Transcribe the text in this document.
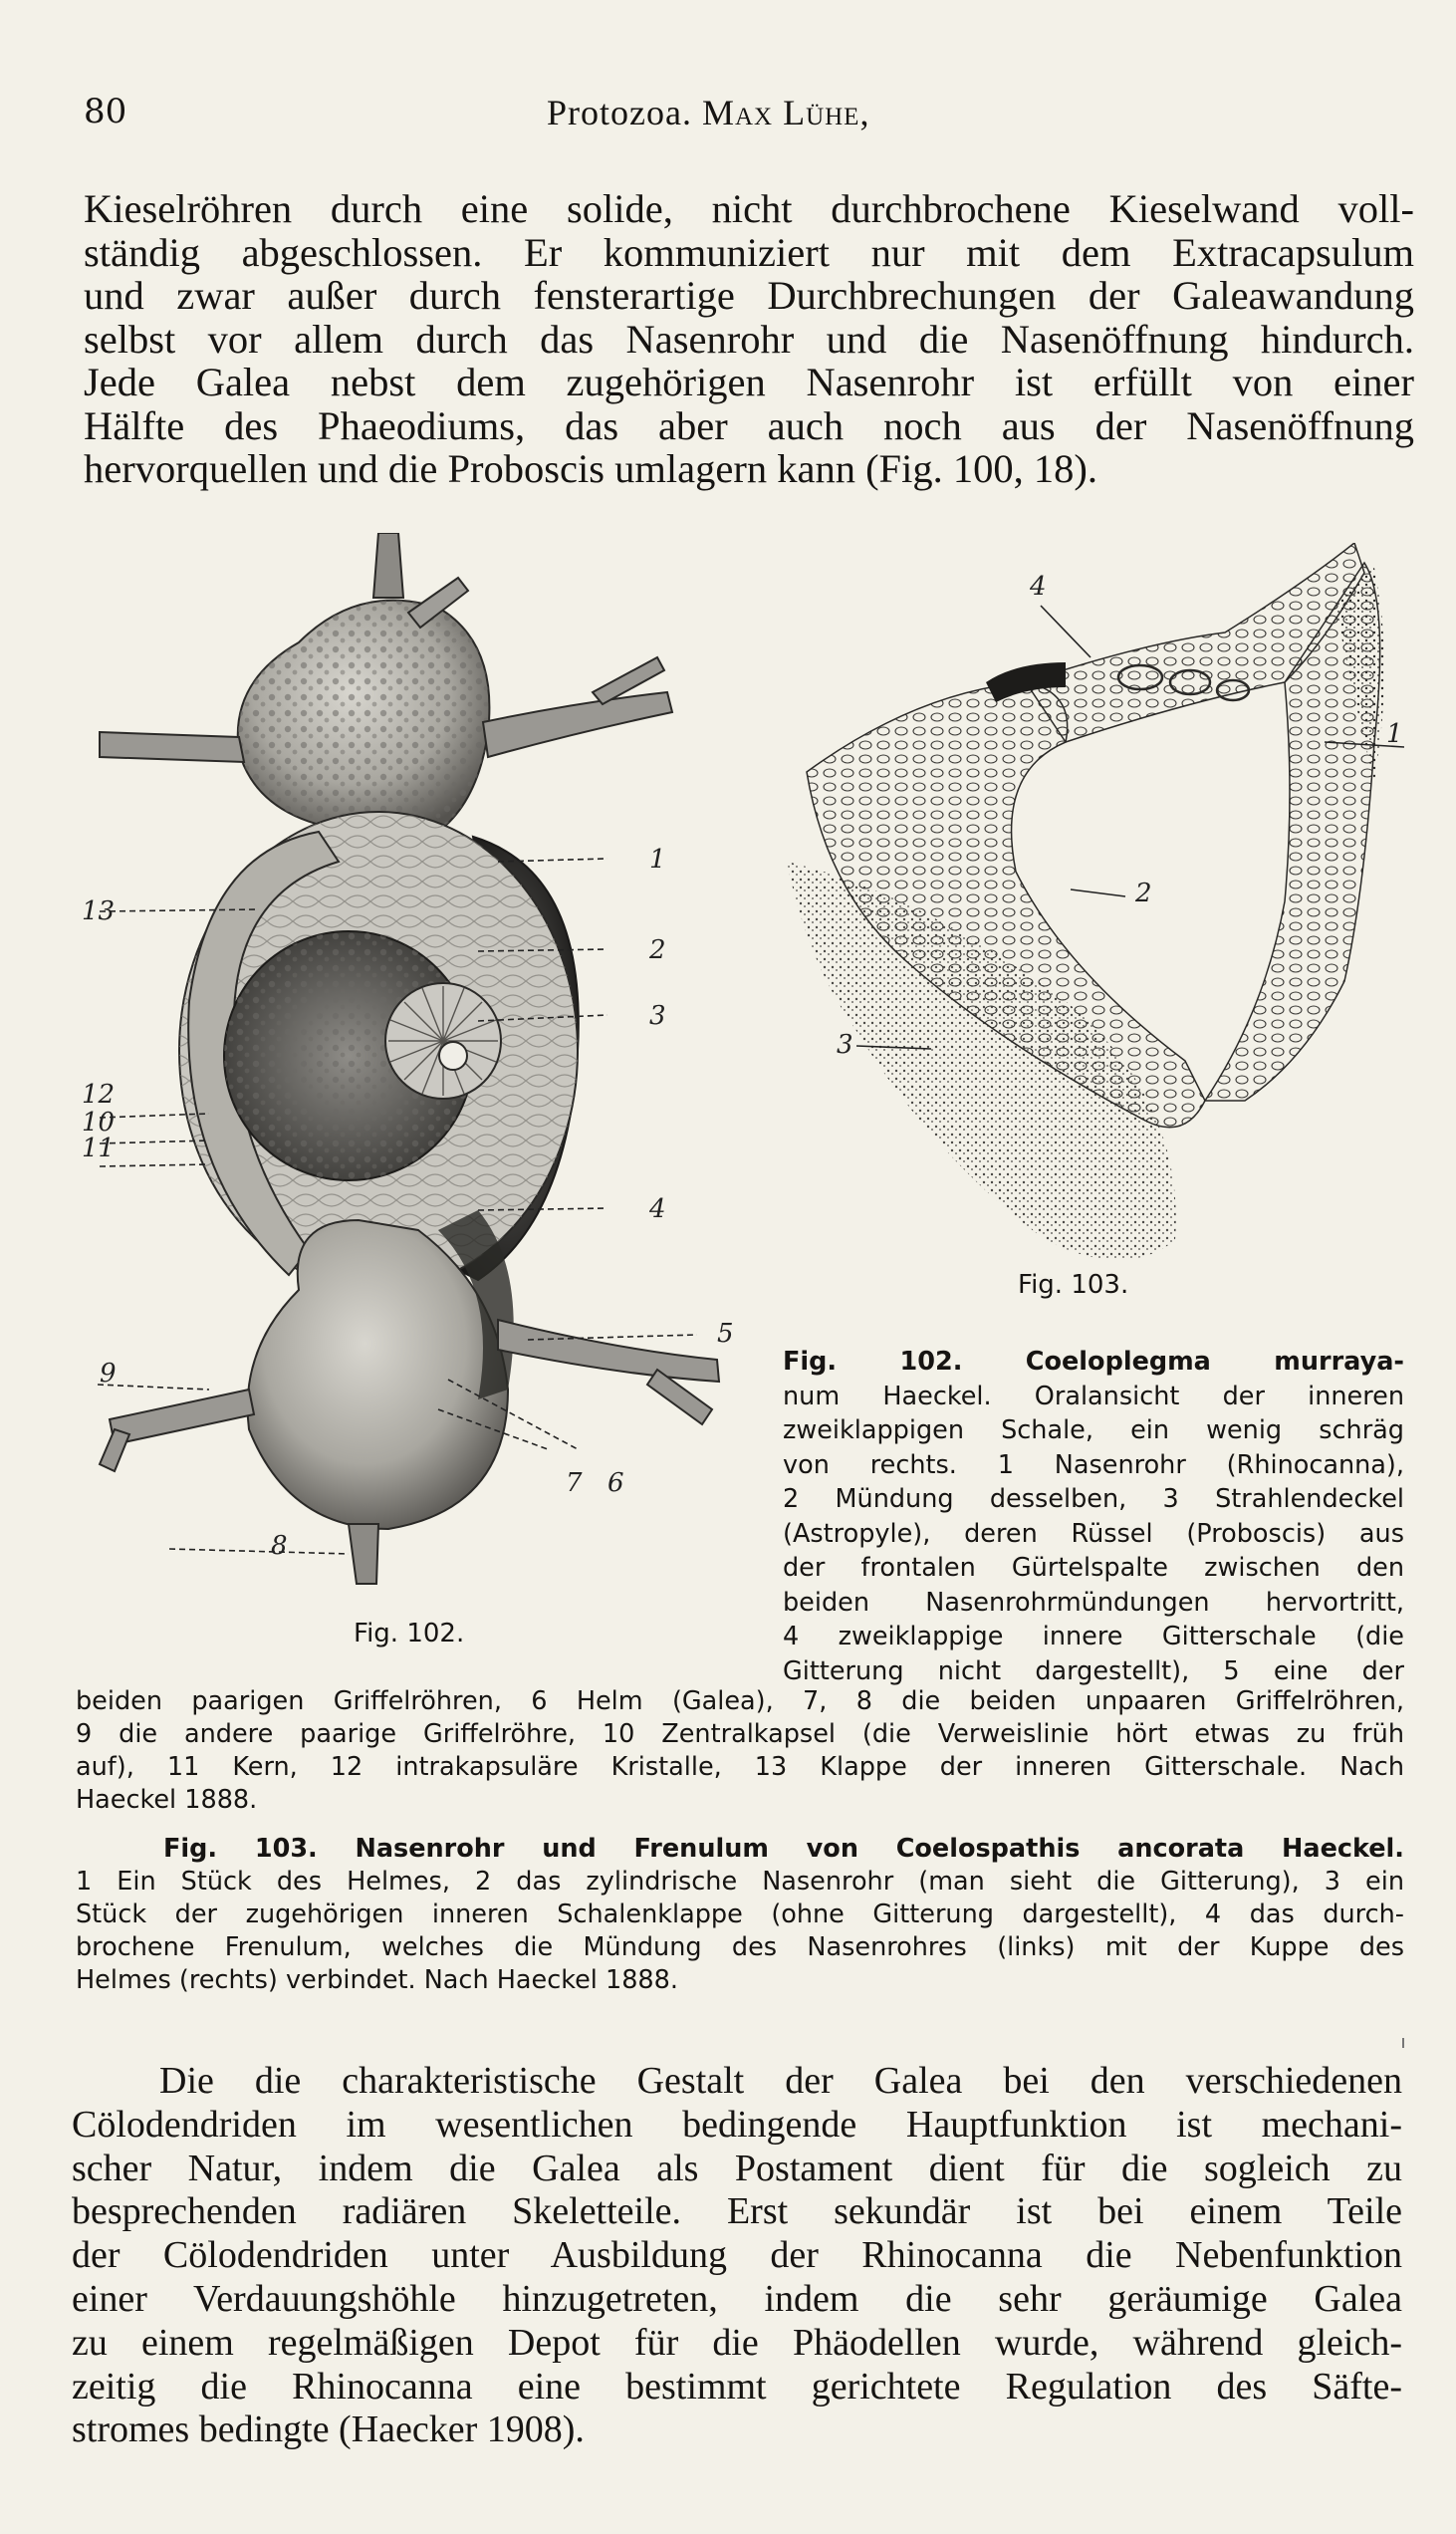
80	Protozoa. Max Lühe,
Kieselröhren durch eine solide, nicht durchbrochene Kieselwand voll-
ständig abgeschlossen. Er kommuniziert nur mit dem Extracapsulum
und zwar außer durch fensterartige Durchbrechungen der Galeawandung
selbst vor allem durch das Nasenrohr und die Nasenöffnung hindurch.
Jede Galea nebst dem zugehörigen Nasenrohr ist erfüllt von einer
Hälfte des Phaeodiums, das aber auch noch aus der Nasenöffnung
hervorquellen und die Proboscis umlagern kann (Fig. 100, 18).
1
2
3
4
5
6
7
8
9
10
11
12
13
Fig. 102.
4
1
2
3
Fig. 103.
Fig. 102. Coeloplegma murraya-
num Haeckel. Oralansicht der inneren
zweiklappigen Schale, ein wenig schräg
von rechts. 1 Nasenrohr (Rhinocanna),
2 Mündung desselben, 3 Strahlendeckel
(Astropyle), deren Rüssel (Proboscis) aus
der frontalen Gürtelspalte zwischen den
beiden Nasenrohrmündungen hervortritt,
4 zweiklappige innere Gitterschale (die
Gitterung nicht dargestellt), 5 eine der
beiden paarigen Griffelröhren, 6 Helm (Galea), 7, 8 die beiden unpaaren Griffelröhren,
9 die andere paarige Griffelröhre, 10 Zentralkapsel (die Verweislinie hört etwas zu früh
auf), 11 Kern, 12 intrakapsuläre Kristalle, 13 Klappe der inneren Gitterschale. Nach
Haeckel 1888.
Fig. 103. Nasenrohr und Frenulum von Coelospathis ancorata Haeckel.
1 Ein Stück des Helmes, 2 das zylindrische Nasenrohr (man sieht die Gitterung), 3 ein
Stück der zugehörigen inneren Schalenklappe (ohne Gitterung dargestellt), 4 das durch-
brochene Frenulum, welches die Mündung des Nasenrohres (links) mit der Kuppe des
Helmes (rechts) verbindet. Nach Haeckel 1888.
Die die charakteristische Gestalt der Galea bei den verschiedenen
Cölodendriden im wesentlichen bedingende Hauptfunktion ist mechani-
scher Natur, indem die Galea als Postament dient für die sogleich zu
besprechenden radiären Skeletteile. Erst sekundär ist bei einem Teile
der Cölodendriden unter Ausbildung der Rhinocanna die Nebenfunktion
einer Verdauungshöhle hinzugetreten, indem die sehr geräumige Galea
zu einem regelmäßigen Depot für die Phäodellen wurde, während gleich-
zeitig die Rhinocanna eine bestimmt gerichtete Regulation des Säfte-
stromes bedingte (Haecker 1908).
